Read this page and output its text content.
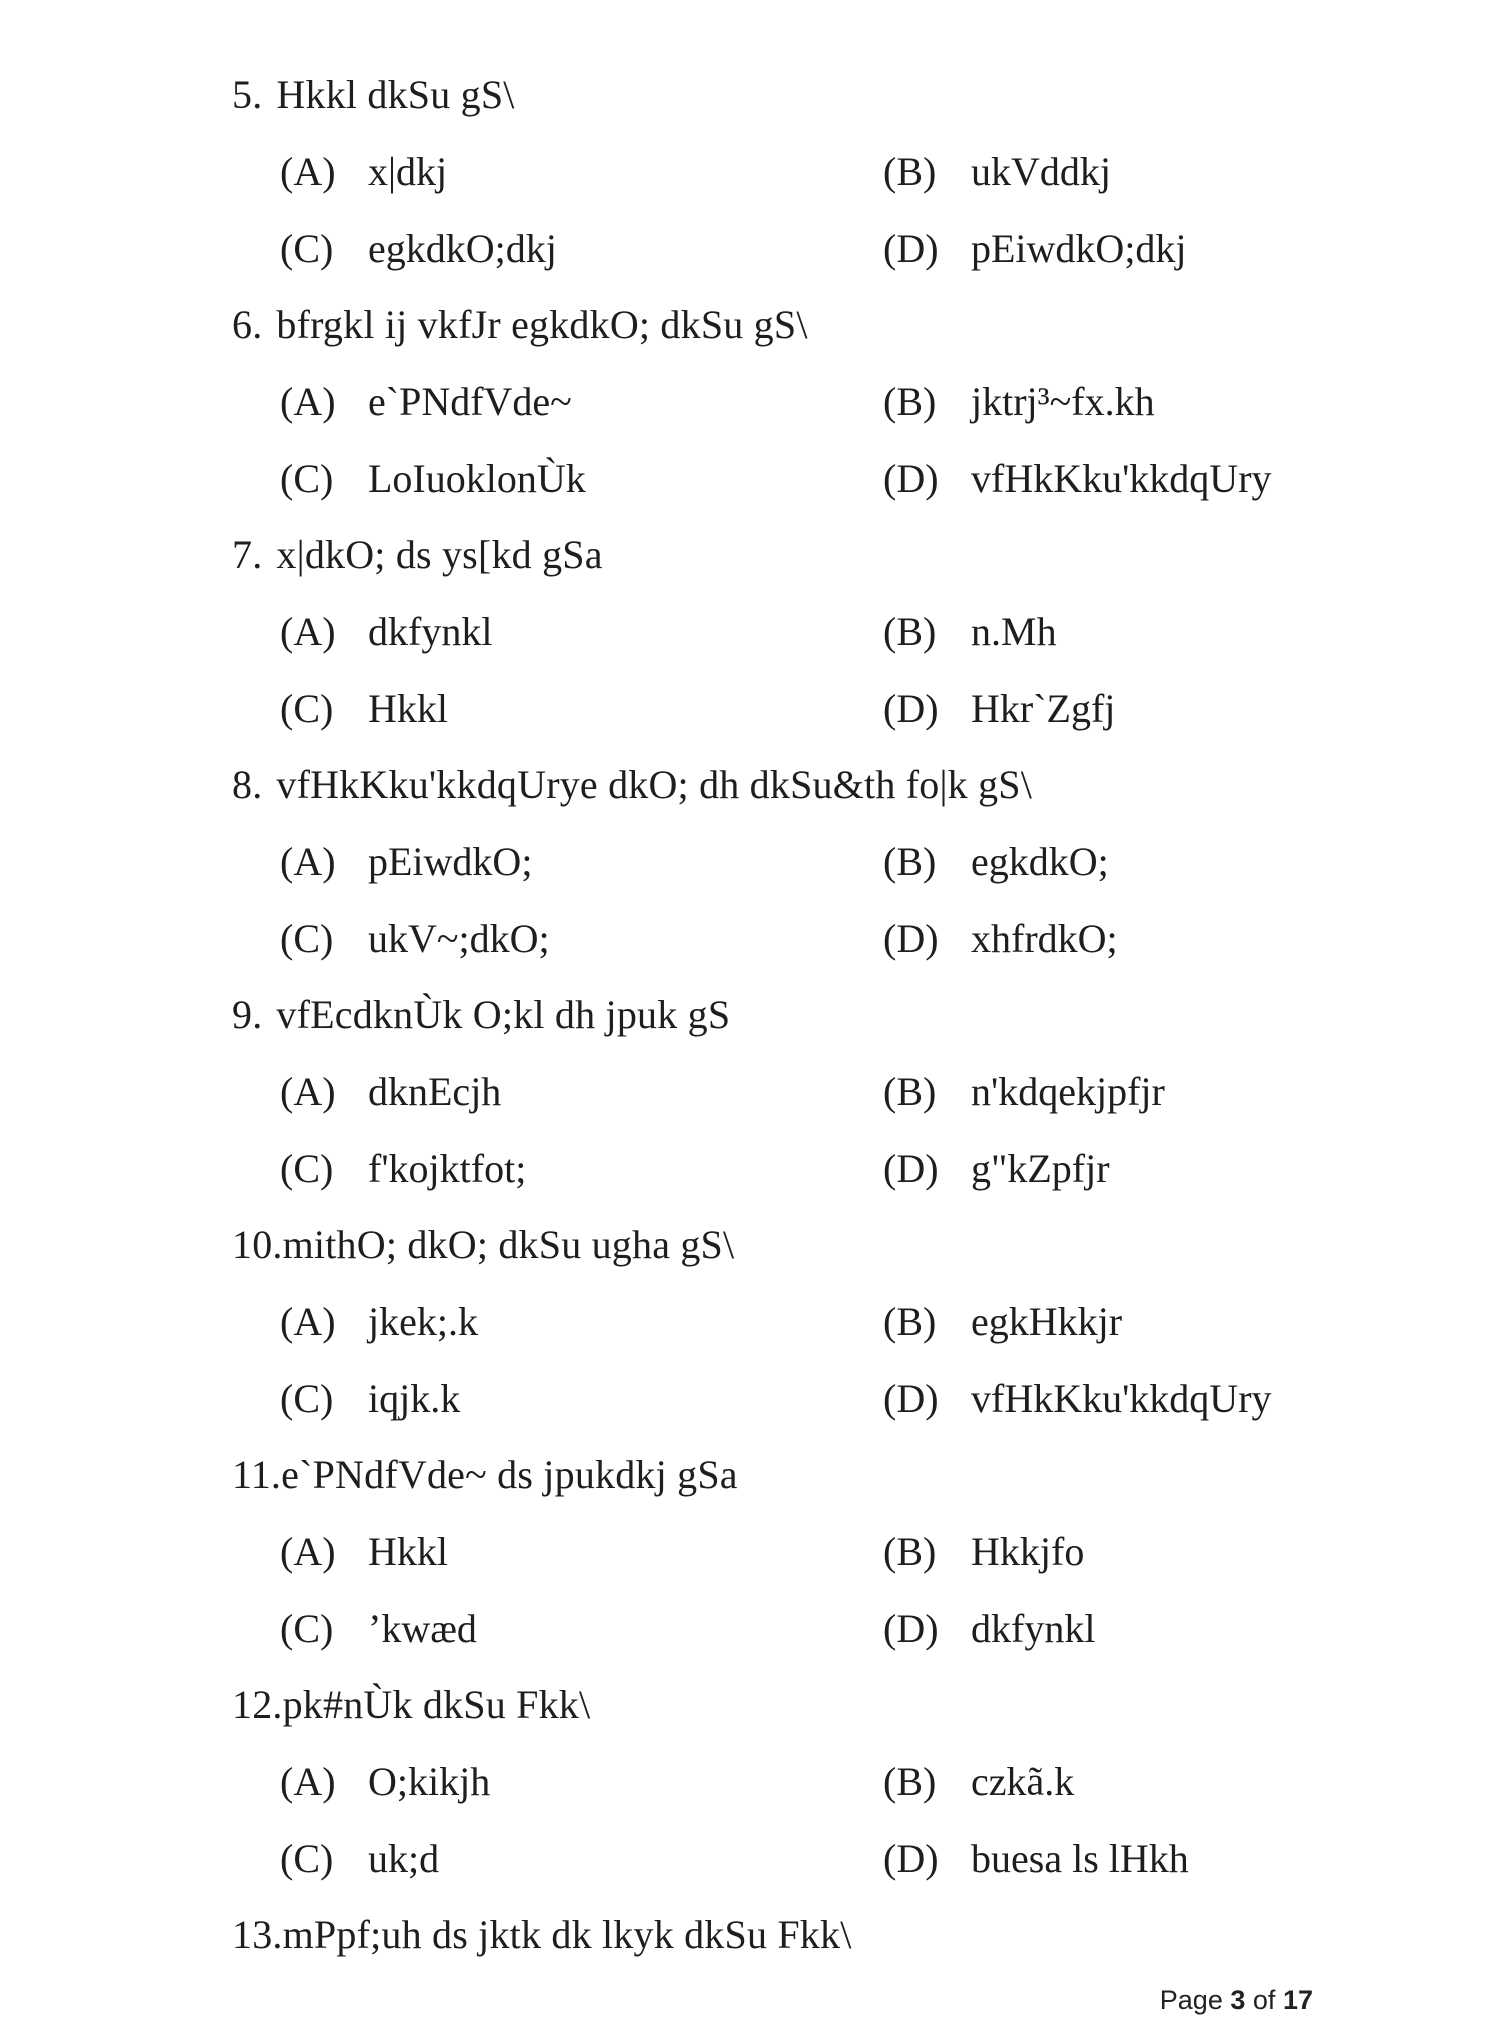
5. Hkkl dkSu gS\
(A) x|dkj	(B) ukVddkj
(C) egkdkO;dkj	(D) pEiwdkO;dkj
6. bfrgkl ij vkfJr egkdkO; dkSu gS\
(A) e`PNdfVde~	(B) jktrj³~fx.kh
(C) LoIuoklonÙk	(D) vfHkKku'kkdqUry
7. x|dkO; ds ys[kd gSa
(A) dkfynkl	(B) n.Mh
(C) Hkkl	(D) Hkr`Zgfj
8. vfHkKku'kkdqUrye dkO; dh dkSu&th fo|k gS\
(A) pEiwdkO;	(B) egkdkO;
(C) ukV~;dkO;	(D) xhfrdkO;
9. vfEcdknÙk O;kl dh jpuk gS
(A) dknEcjh	(B) n'kdqekjpfjr
(C) f'kojktfot;	(D) g"kZpfjr
10.mithO; dkO; dkSu ugha gS\
(A) jkek;.k	(B) egkHkkjr
(C) iqjk.k	(D) vfHkKku'kkdqUry
11.e`PNdfVde~ ds jpukdkj gSa
(A) Hkkl	(B) Hkkjfo
(C) ’kwæd	(D) dkfynkl
12.pk#nÙk dkSu Fkk\
(A) O;kikjh	(B) czkã.k
(C) uk;d	(D) buesa ls lHkh
13.mPpf;uh ds jktk dk lkyk dkSu Fkk\
Page 3 of 17
